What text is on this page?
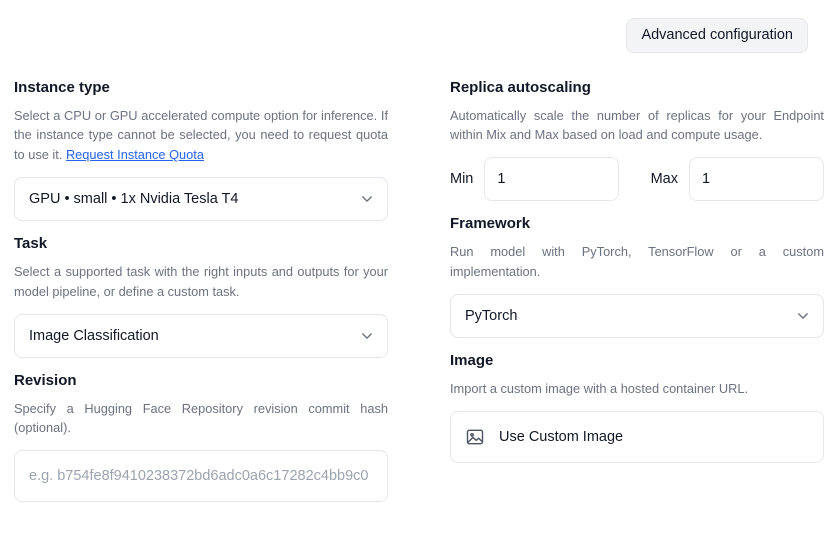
Advanced configuration
Instance type

Select a CPU or GPU accelerated compute option for inference. If the instance type cannot be selected, you need to request quota to use it. Request Instance Quota

GPU • small • 1x Nvidia Tesla T4
Task

Select a supported task with the right inputs and outputs for your model pipeline, or define a custom task.

Image Classification
Revision

Specify a Hugging Face Repository revision commit hash (optional).

e.g. b754fe8f9410238372bd6adc0a6c17282c4bb9c0
Replica autoscaling

Automatically scale the number of replicas for your Endpoint within Mix and Max based on load and compute usage.

Min
1	Max
1
Framework

Run model with PyTorch, TensorFlow or a custom implementation.

PyTorch
Image

Import a custom image with a hosted container URL.

Use Custom Image
